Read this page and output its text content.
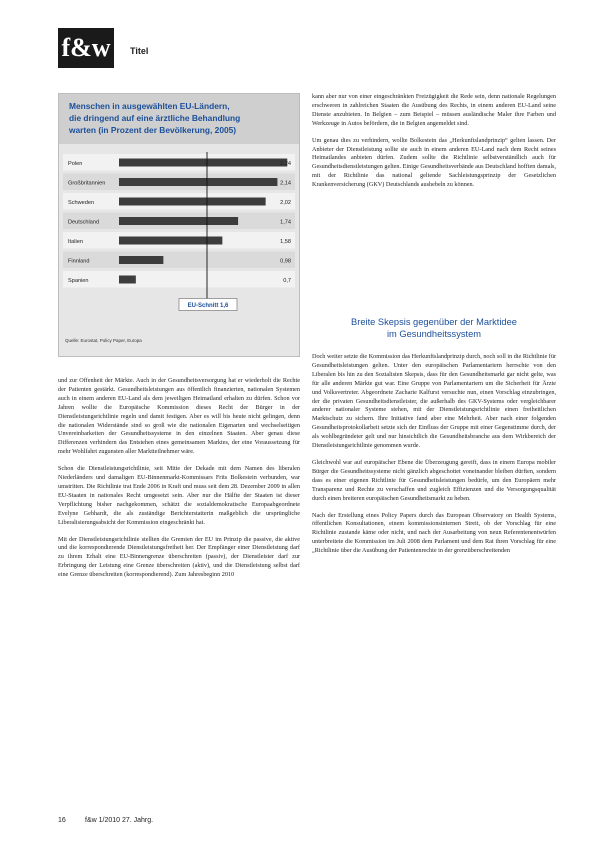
f&w	Titel
Menschen in ausgewählten EU-Ländern,
die dringend auf eine ärztliche Behandlung
warten (in Prozent der Bevölkerung, 2005)
Polen	2,24
Großbritannien	2,14
Schweden	2,02
Deutschland	1,74
Italien	1,58
Finnland	0,98
Spanien	0,7
EU-Schnitt 1,6
Quelle: Eurostat, Policy Paper, Europa

und zur Offenheit der Märkte. Auch in der Gesundheitsversorgung hat er wiederholt die Rechte der Patienten gestärkt. Gesundheitsleistungen aus öffentlich finanzierten, nationalen Systemen auch in einem anderen EU-Land als dem jeweiligen Heimatland erhalten zu dürfen. Schon vor Jahren wollte die Europäische Kommission dieses Recht der Bürger in der Dienstleistungsrichtlinie regeln und damit festigen. Aber es will bis heute nicht gelingen, denn die nationalen Widerstände sind so groß wie die nationalen Eigenarten und wechselseitigen Unvereinbarkeiten der Gesundheitssysteme in den einzelnen Staaten. Aber genau diese Differenzen verhindern das Entstehen eines gemeinsamen Marktes, der eine Voraussetzung für mehr Wohlfahrt zugunsten aller Marktteilnehmer wäre.

Schon die Dienstleistungsrichtlinie, seit Mitte der Dekade mit dem Namen des liberalen Niederländers und damaligen EU-Binnenmarkt-Kommissars Frits Bolkestein verbunden, war umstritten. Die Richtlinie trat Ende 2006 in Kraft und muss seit dem 28. Dezember 2009 in allen EU-Staaten in nationales Recht umgesetzt sein. Aber nur die Hälfte der Staaten ist dieser Verpflichtung bisher nachgekommen, schätzt die sozialdemokratische Europaabgeordnete Evelyne Gebhardt, die als zuständige Berichterstatterin maßgeblich die ursprüngliche Liberalisierungsabsicht der Kommission eingeschränkt hat.

Mit der Dienstleistungsrichtlinie stellten die Gremien der EU im Prinzip die passive, die aktive und die korrespondierende Dienstleistungsfreiheit her. Der Empfänger einer Dienstleistung darf zu ihrem Erhalt eine EU-Binnengrenze überschreiten (passiv), der Dienstleister darf zur Erbringung der Leistung eine Grenze überschreiten (aktiv), und die Dienstleistung selbst darf eine Grenze überschreiten (korrespondierend). Zum Jahresbeginn 2010

kann aber nur von einer eingeschränkten Freizügigkeit die Rede sein, denn nationale Regelungen erschweren in zahlreichen Staaten die Ausübung des Rechts, in einem anderen EU-Land seine Dienste anzubieten. In Belgien – zum Beispiel – müssen ausländische Maler ihre Farben und Werkzeuge in Autos befördern, die in Belgien angemeldet sind.

Um genau dies zu verhindern, wollte Bolkestein das „Herkunftslandprinzip“ gelten lassen. Der Anbieter der Dienstleistung sollte sie auch in einem anderen EU-Land nach dem Recht seines Heimatlandes anbieten dürfen. Zudem sollte die Richtlinie selbstverständlich auch für Gesundheitsdienstleistungen gelten. Einige Gesundheitsverbände aus Deutschland hofften damals, mit der Richtlinie das national geltende Sachleistungsprinzip der Gesetzlichen Krankenversicherung (GKV) Deutschlands aushebeln zu können.

Breite Skepsis gegenüber der Marktidee
im Gesundheitssystem

Doch weiter setzte die Kommission das Herkunftslandprinzip durch, noch soll in die Richtlinie für Gesundheitsleistungen gelten. Unter den europäischen Parlamentariern herrschte von den Liberalen bis hin zu den Sozialisten Skepsis, dass für den Gesundheitsmarkt gar nicht gelte, was für alle anderen Märkte gut war. Eine Gruppe von Parlamentariern um die Sicherheit für Ärzte und Volksvertreter. Abgeordnete Zacharie Kalfurst versuchte nun, einen Vorschlag einzubringen, der die privaten Gesundheitsdienstleister, die außerhalb des GKV-Systems oder vergleichbarer anderer nationaler Systeme stehen, mit der Dienstleistungsrichtlinie einen freiheitlichen Marktschutz zu sichern. Ihre Initiative fand aber eine Mehrheit. Aber nach einer folgenden Gesundheitsprotokollarbeit setzte sich der Einfluss der Gruppe mit einer Gegenstimme durch, der als wohlbegründeter gelt und nur hinsichtlich die Gesundheitsbranche aus dem Wirkbereich der Dienstleistungsrichtlinie genommen wurde.

Gleichwohl war auf europäischer Ebene die Überzeugung gereift, dass in einem Europa mobiler Bürger die Gesundheitssysteme nicht gänzlich abgeschottet voneinander bleiben dürften, sondern dass es einer eigenen Richtlinie für Gesundheitsleistungen bedürfe, um den Europäern mehr Transparenz und Rechte zu verschaffen und zugleich Effizienzen und die Versorgungsqualität durch einen breiteren europäischen Gesundheitsmarkt zu heben.

Nach der Erstellung eines Policy Papers durch das European Observatory on Health Systems, öffentlichen Konsultationen, einem kommissionsinternen Streit, ob der Vorschlag für eine Richtlinie zustande käme oder nicht, und nach der Ausarbeitung von neun Referentenentwürfen unterbreitete die Kommission im Juli 2008 dem Parlament und dem Rat ihren Vorschlag für eine „Richtlinie über die Ausübung der Patientenrechte in der grenzüberschreitenden

16	f&w 1/2010 27. Jahrg.
